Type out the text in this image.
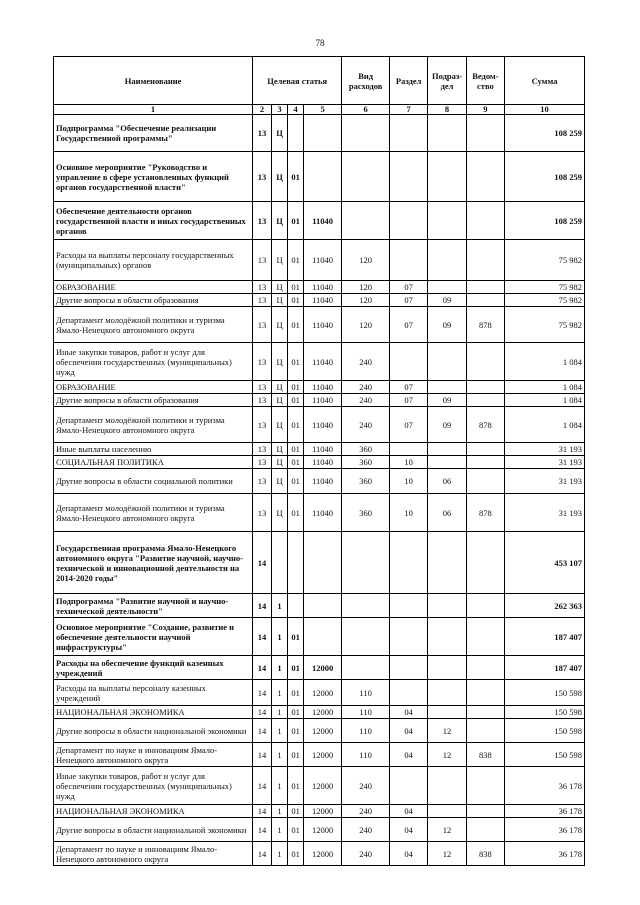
78
Наименование	Целевая статья				Вид расходов	Раздел	Подраз-дел	Ведом-ство	Сумма
1	2	3	4	5	6	7	8	9	10
Подпрограмма "Обеспечение реализации Государственной программы"	13	Ц							108 259
Основное мероприятие "Руководство и управление в сфере установленных функций органов государственной власти"	13	Ц	01						108 259
Обеспечение деятельности органов государственной власти и иных государственных органов	13	Ц	01	11040					108 259
Расходы на выплаты персоналу государственных (муниципальных) органов	13	Ц	01	11040	120				75 982
ОБРАЗОВАНИЕ	13	Ц	01	11040	120	07			75 982
Другие вопросы в области образования	13	Ц	01	11040	120	07	09		75 982
Департамент молодёжной политики и туризма Ямало-Ненецкого автономного округа	13	Ц	01	11040	120	07	09	878	75 982
Иные закупки товаров, работ и услуг для обеспечения государственных (муниципальных) нужд	13	Ц	01	11040	240				1 084
ОБРАЗОВАНИЕ	13	Ц	01	11040	240	07			1 084
Другие вопросы в области образования	13	Ц	01	11040	240	07	09		1 084
Департамент молодёжной политики и туризма Ямало-Ненецкого автономного округа	13	Ц	01	11040	240	07	09	878	1 084
Иные выплаты населению	13	Ц	01	11040	360				31 193
СОЦИАЛЬНАЯ ПОЛИТИКА	13	Ц	01	11040	360	10			31 193
Другие вопросы в области социальной политики	13	Ц	01	11040	360	10	06		31 193
Департамент молодёжной политики и туризма Ямало-Ненецкого автономного округа	13	Ц	01	11040	360	10	06	878	31 193
Государственная программа Ямало-Ненецкого автономного округа "Развитие научной, научно-технической и инновационной деятельности на 2014-2020 годы"	14								453 107
Подпрограмма "Развитие научной и научно-технической деятельности"	14	1							262 363
Основное мероприятие "Создание, развитие и обеспечение деятельности научной инфраструктуры"	14	1	01						187 407
Расходы на обеспечение функций казенных учреждений	14	1	01	12000					187 407
Расходы на выплаты персоналу казенных учреждений	14	1	01	12000	110				150 598
НАЦИОНАЛЬНАЯ ЭКОНОМИКА	14	1	01	12000	110	04			150 598
Другие вопросы в области национальной экономики	14	1	01	12000	110	04	12		150 598
Департамент по науке и инновациям Ямало-Ненецкого автономного округа	14	1	01	12000	110	04	12	838	150 598
Иные закупки товаров, работ и услуг для обеспечения государственных (муниципальных) нужд	14	1	01	12000	240				36 178
НАЦИОНАЛЬНАЯ ЭКОНОМИКА	14	1	01	12000	240	04			36 178
Другие вопросы в области национальной экономики	14	1	01	12000	240	04	12		36 178
Департамент по науке и инновациям Ямало-Ненецкого автономного округа	14	1	01	12000	240	04	12	838	36 178
